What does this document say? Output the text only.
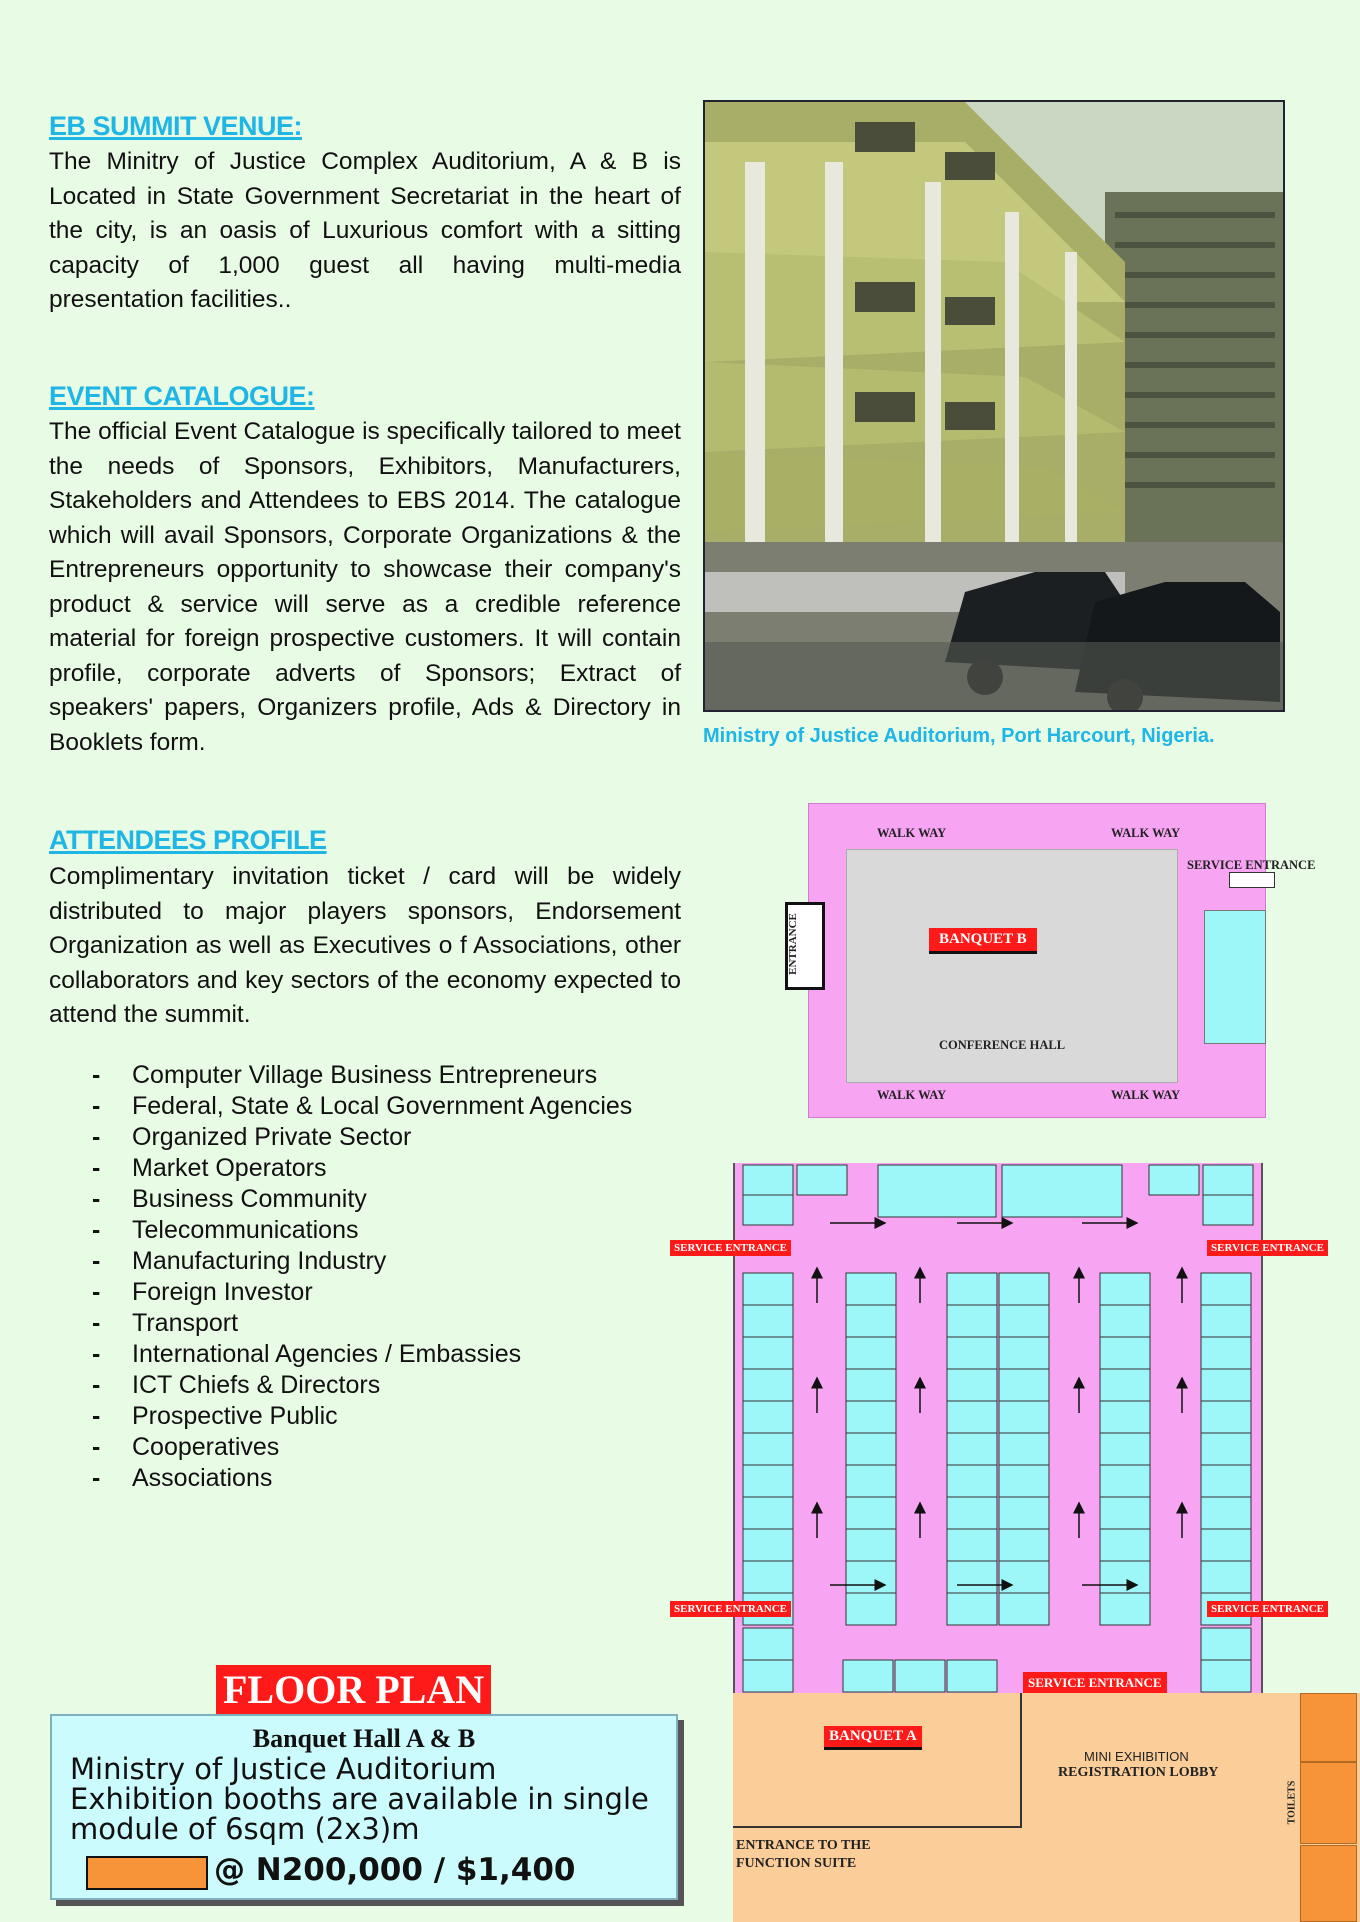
EB SUMMIT VENUE:
The Minitry of Justice Complex Auditorium, A & B is Located in State Government Secretariat in the heart of the city, is an oasis of Luxurious comfort with a sitting capacity of 1,000 guest all having multi-media presentation facilities..
EVENT CATALOGUE:
The official Event Catalogue is specifically tailored to meet the needs of Sponsors, Exhibitors, Manufacturers, Stakeholders and Attendees to EBS 2014. The catalogue which will avail Sponsors, Corporate Organizations & the Entrepreneurs opportunity to showcase their company's product & service will serve as a credible reference material for foreign prospective customers. It will contain profile, corporate adverts of Sponsors; Extract of speakers' papers, Organizers profile, Ads & Directory in Booklets form.
ATTENDEES PROFILE
Complimentary invitation ticket / card will be widely distributed to major players sponsors, Endorsement Organization as well as Executives o f Associations, other collaborators and key sectors of the economy expected to attend the summit.
- Computer Village Business Entrepreneurs
- Federal, State & Local Government Agencies
- Organized Private Sector
- Market Operators
- Business Community
- Telecommunications
- Manufacturing Industry
- Foreign Investor
- Transport
- International Agencies / Embassies
- ICT Chiefs & Directors
- Prospective Public
- Cooperatives
- Associations
Ministry of Justice Auditorium, Port Harcourt, Nigeria.
WALK WAY	WALK WAY
BANQUET B
CONFERENCE HALL
WALK WAY	WALK WAY
SERVICE ENTRANCE
ENTRANCE
SERVICE ENTRANCE	SERVICE ENTRANCE
SERVICE ENTRANCE	SERVICE ENTRANCE
SERVICE ENTRANCE
BANQUET A
MINI EXHIBITION
REGISTRATION LOBBY
ENTRANCE TO THE FUNCTION SUITE
TOILETS
FLOOR PLAN
Banquet Hall A & B
Ministry of Justice Auditorium
Exhibition booths are available in single module of 6sqm (2x3)m
@ N200,000 / $1,400
